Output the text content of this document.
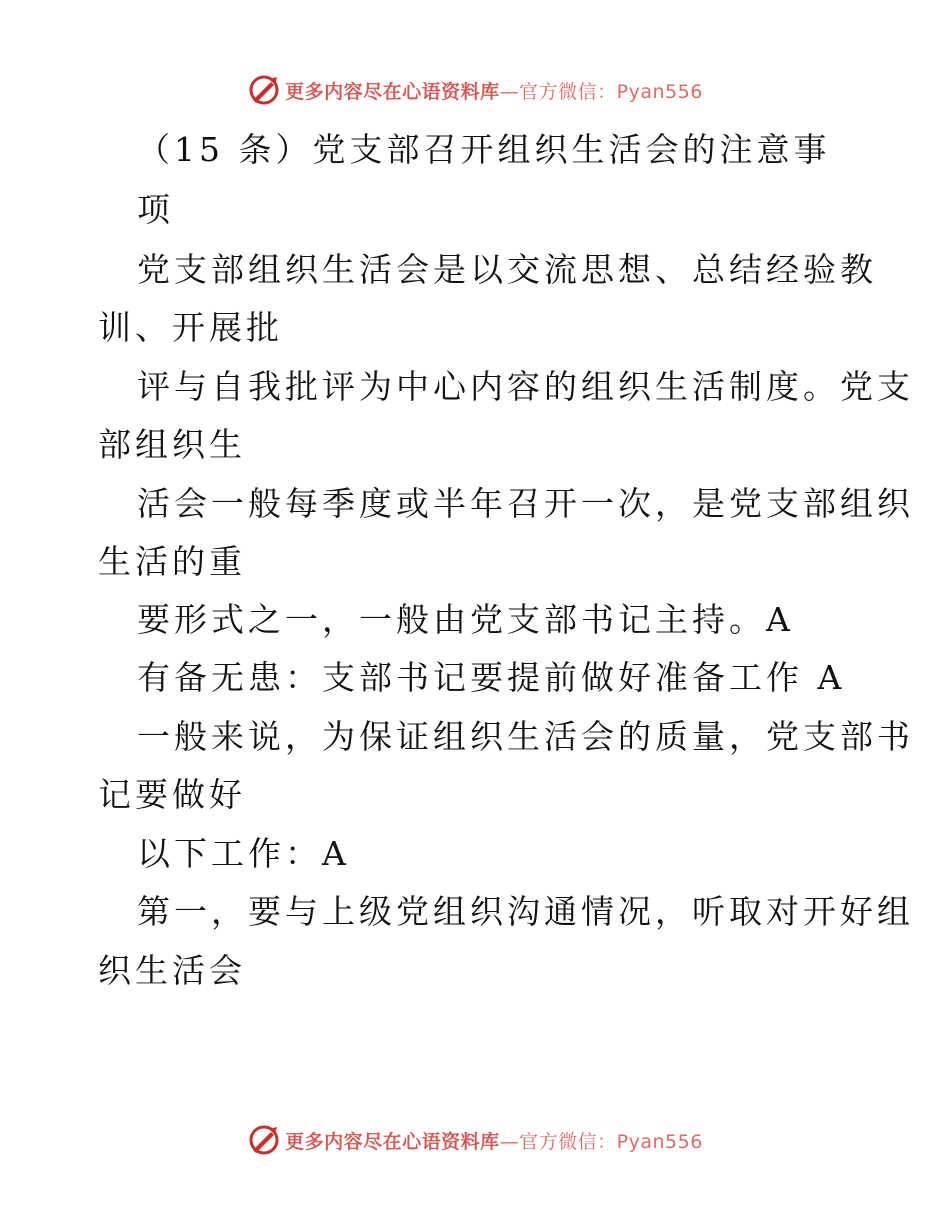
更多内容尽在心语资料库—官方微信：Pyan556
（15 条）党支部召开组织生活会的注意事
项
党支部组织生活会是以交流思想、总结经验教
训、开展批
评与自我批评为中心内容的组织生活制度。党支
部组织生
活会一般每季度或半年召开一次，是党支部组织
生活的重
要形式之一，一般由党支部书记主持。A
有备无患：支部书记要提前做好准备工作 A
一般来说，为保证组织生活会的质量，党支部书
记要做好
以下工作：A
第一，要与上级党组织沟通情况，听取对开好组
织生活会
更多内容尽在心语资料库—官方微信：Pyan556
